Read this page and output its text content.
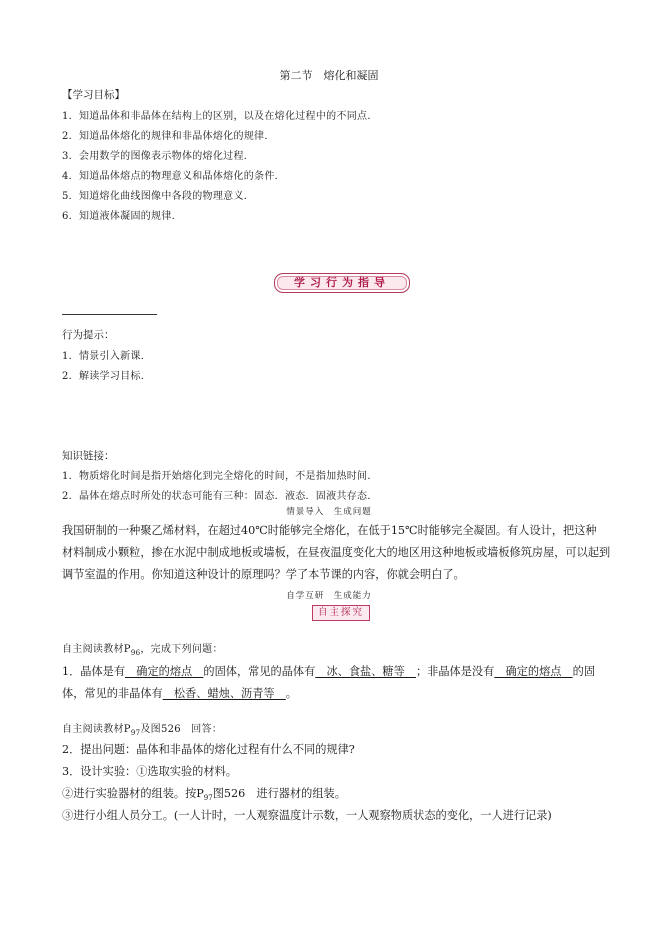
第二节　熔化和凝固
【学习目标】
1．知道晶体和非晶体在结构上的区别，以及在熔化过程中的不同点．
2．知道晶体熔化的规律和非晶体熔化的规律．
3．会用数学的图像表示物体的熔化过程．
4．知道晶体熔点的物理意义和晶体熔化的条件．
5．知道熔化曲线图像中各段的物理意义．
6．知道液体凝固的规律．
学习行为指导
行为提示：
1．情景引入新课．
2．解读学习目标．
知识链接：
1．物质熔化时间是指开始熔化到完全熔化的时间，不是指加热时间．
2．晶体在熔点时所处的状态可能有三种：固态．液态．固液共存态．
情景导入　生成问题
我国研制的一种聚乙烯材料，在超过40℃时能够完全熔化，在低于15℃时能够完全凝固。有人设计，把这种
材料制成小颗粒，掺在水泥中制成地板或墙板，在昼夜温度变化大的地区用这种地板或墙板修筑房屋，可以起到
调节室温的作用。你知道这种设计的原理吗？学了本节课的内容，你就会明白了。
自学互研　生成能力
自主探究
自主阅读教材$P_{96}$，完成下列问题：
1．晶体是有　确定的熔点　的固体，常见的晶体有　冰、食盐、糖等　；非晶体是没有　确定的熔点　的固
体，常见的非晶体有　松香、蜡烛、沥青等　。
自主阅读教材$P_{97}$及图526　回答：
2．提出问题：晶体和非晶体的熔化过程有什么不同的规律?
3．设计实验：①选取实验的材料。
②进行实验器材的组装。按$P_{97}$图526　进行器材的组装。
③进行小组人员分工。(一人计时，一人观察温度计示数，一人观察物质状态的变化，一人进行记录)
